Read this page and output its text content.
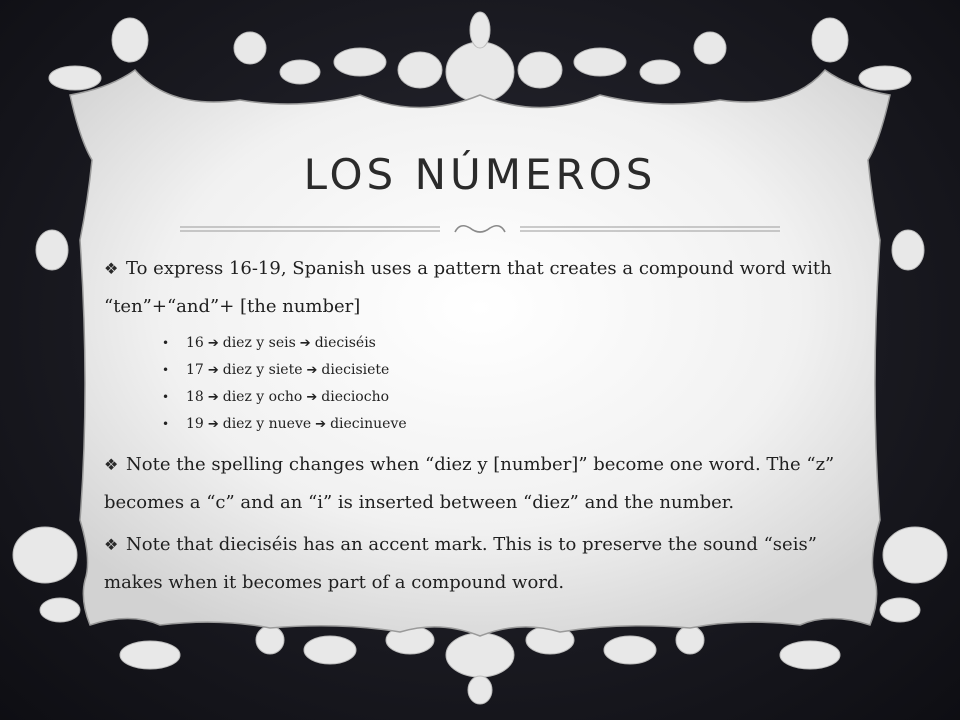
LOS NÚMEROS

❖ To express 16-19, Spanish uses a pattern that creates a compound word with “ten”+“and”+ [the number]

• 16 ➔ diez y seis ➔ dieciséis
• 17 ➔ diez y siete ➔ diecisiete
• 18 ➔ diez y ocho ➔ dieciocho
• 19 ➔ diez y nueve ➔ diecinueve

❖ Note the spelling changes when “diez y [number]” become one word. The “z” becomes a “c” and an “i” is inserted between “diez” and the number.

❖ Note that dieciséis has an accent mark. This is to preserve the sound “seis” makes when it becomes part of a compound word.
